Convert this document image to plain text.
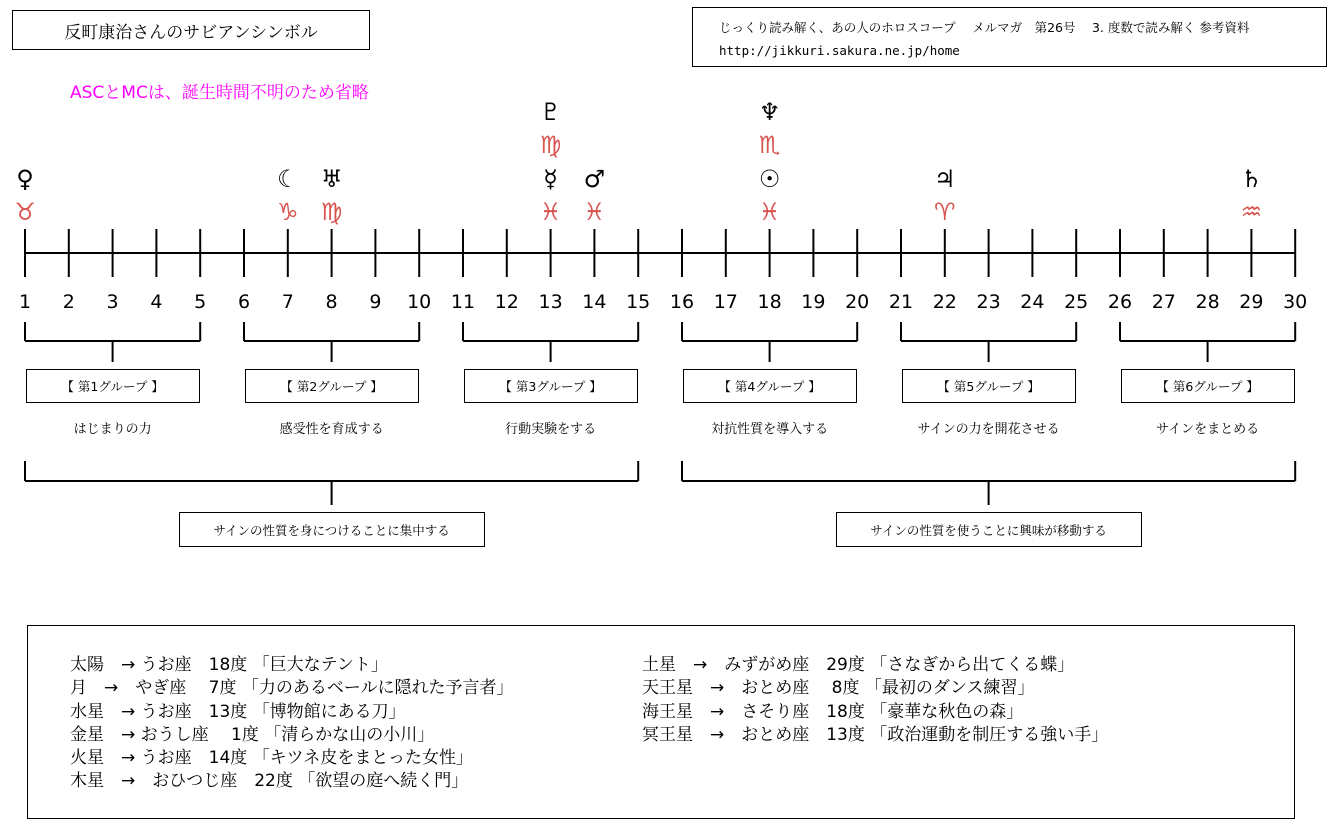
反町康治さんのサビアンシンボル	じっくり読み解く、あの人のホロスコープ　 メルマガ　第26号　 3. 度数で読み解く 参考資料
http://jikkuri.sakura.ne.jp/home
ASCとMCは、誕生時間不明のため省略
♀
♉
☾
♑
♅
♍
☿
♓
♇
♍
♂
♓
☉
♓
♆
♏
♃
♈
♄
♒
1 2 3 4 5 6 7 8 9 10 11 12 13 14 15 16 17 18 19 20 21 22 23 24 25 26 27 28 29 30
【 第1グループ 】
はじまりの力
【 第2グループ 】
感受性を育成する
【 第3グループ 】
行動実験をする
【 第4グループ 】
対抗性質を導入する
【 第5グループ 】
サインの力を開花させる
【 第6グループ 】
サインをまとめる
サインの性質を身につけることに集中する	サインの性質を使うことに興味が移動する
太陽　→ うお座　18度 「巨大なテント」
月　→　やぎ座　 7度 「力のあるベールに隠れた予言者」
水星　→ うお座　13度 「博物館にある刀」
金星　→ おうし座　 1度 「清らかな山の小川」
火星　→ うお座　14度 「キツネ皮をまとった女性」
木星　→　おひつじ座　22度 「欲望の庭へ続く門」
土星　→　みずがめ座　29度 「さなぎから出てくる蝶」
天王星　→　おとめ座　 8度 「最初のダンス練習」
海王星　→　さそり座　18度 「豪華な秋色の森」
冥王星　→　おとめ座　13度 「政治運動を制圧する強い手」
